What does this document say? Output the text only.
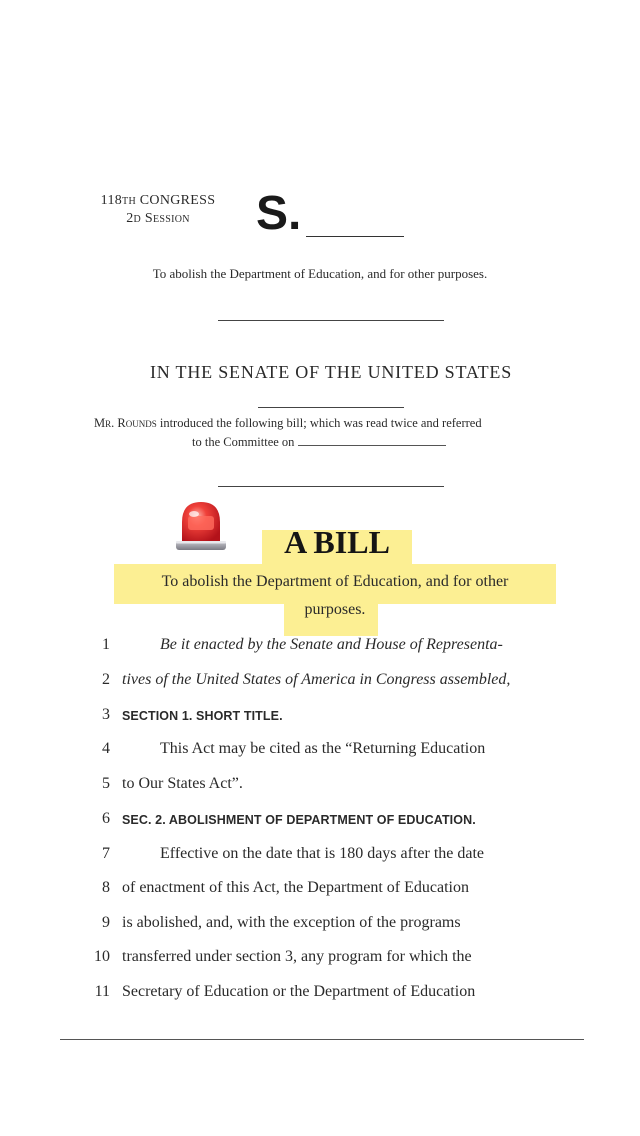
118th CONGRESS
2d Session	S.
To abolish the Department of Education, and for other purposes.
IN THE SENATE OF THE UNITED STATES
Mr. Rounds introduced the following bill; which was read twice and referred
to the Committee on
A BILL
To abolish the Department of Education, and for other
purposes.
1	Be it enacted by the Senate and House of Representa-
2 tives of the United States of America in Congress assembled,
3 SECTION 1. SHORT TITLE.
4	This Act may be cited as the “Returning Education
5 to Our States Act”.
6 SEC. 2. ABOLISHMENT OF DEPARTMENT OF EDUCATION.
7	Effective on the date that is 180 days after the date
8 of enactment of this Act, the Department of Education
9 is abolished, and, with the exception of the programs
10 transferred under section 3, any program for which the
11 Secretary of Education or the Department of Education
